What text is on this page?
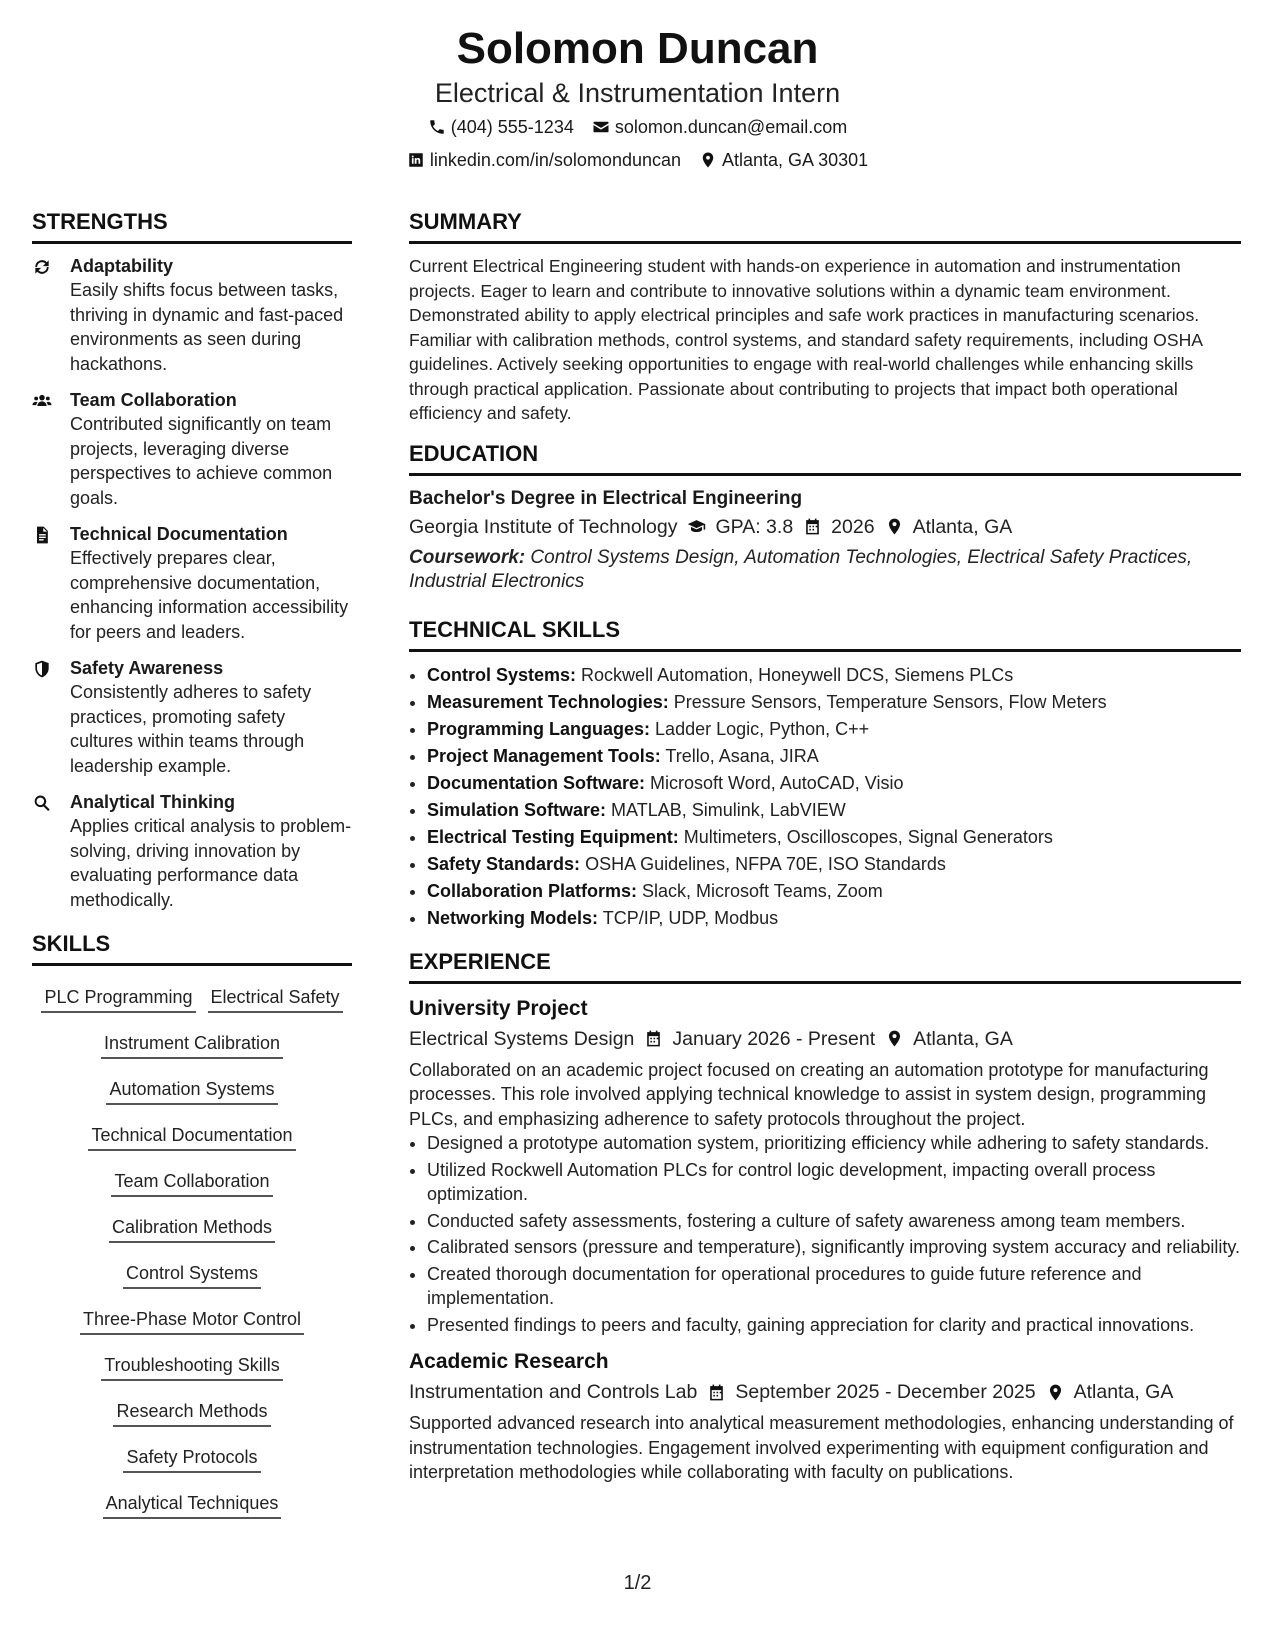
Solomon Duncan
Electrical & Instrumentation Intern
(404) 555-1234 solomon.duncan@email.com
linkedin.com/in/solomonduncan Atlanta, GA 30301
STRENGTHS
Adaptability
Easily shifts focus between tasks, thriving in dynamic and fast-paced environments as seen during hackathons.
Team Collaboration
Contributed significantly on team projects, leveraging diverse perspectives to achieve common goals.
Technical Documentation
Effectively prepares clear, comprehensive documentation, enhancing information accessibility for peers and leaders.
Safety Awareness
Consistently adheres to safety practices, promoting safety cultures within teams through leadership example.
Analytical Thinking
Applies critical analysis to problem-solving, driving innovation by evaluating performance data methodically.
SKILLS
PLC Programming Electrical Safety
Instrument Calibration
Automation Systems
Technical Documentation
Team Collaboration
Calibration Methods
Control Systems
Three-Phase Motor Control
Troubleshooting Skills
Research Methods
Safety Protocols
Analytical Techniques
SUMMARY
Current Electrical Engineering student with hands-on experience in automation and instrumentation projects. Eager to learn and contribute to innovative solutions within a dynamic team environment. Demonstrated ability to apply electrical principles and safe work practices in manufacturing scenarios. Familiar with calibration methods, control systems, and standard safety requirements, including OSHA guidelines. Actively seeking opportunities to engage with real-world challenges while enhancing skills through practical application. Passionate about contributing to projects that impact both operational efficiency and safety.
EDUCATION
Bachelor's Degree in Electrical Engineering
Georgia Institute of Technology GPA: 3.8 2026 Atlanta, GA
Coursework: Control Systems Design, Automation Technologies, Electrical Safety Practices, Industrial Electronics
TECHNICAL SKILLS
• Control Systems: Rockwell Automation, Honeywell DCS, Siemens PLCs
• Measurement Technologies: Pressure Sensors, Temperature Sensors, Flow Meters
• Programming Languages: Ladder Logic, Python, C++
• Project Management Tools: Trello, Asana, JIRA
• Documentation Software: Microsoft Word, AutoCAD, Visio
• Simulation Software: MATLAB, Simulink, LabVIEW
• Electrical Testing Equipment: Multimeters, Oscilloscopes, Signal Generators
• Safety Standards: OSHA Guidelines, NFPA 70E, ISO Standards
• Collaboration Platforms: Slack, Microsoft Teams, Zoom
• Networking Models: TCP/IP, UDP, Modbus
EXPERIENCE
University Project
Electrical Systems Design January 2026 - Present Atlanta, GA
Collaborated on an academic project focused on creating an automation prototype for manufacturing processes. This role involved applying technical knowledge to assist in system design, programming PLCs, and emphasizing adherence to safety protocols throughout the project.
• Designed a prototype automation system, prioritizing efficiency while adhering to safety standards.
• Utilized Rockwell Automation PLCs for control logic development, impacting overall process optimization.
• Conducted safety assessments, fostering a culture of safety awareness among team members.
• Calibrated sensors (pressure and temperature), significantly improving system accuracy and reliability.
• Created thorough documentation for operational procedures to guide future reference and implementation.
• Presented findings to peers and faculty, gaining appreciation for clarity and practical innovations.
Academic Research
Instrumentation and Controls Lab September 2025 - December 2025 Atlanta, GA
Supported advanced research into analytical measurement methodologies, enhancing understanding of instrumentation technologies. Engagement involved experimenting with equipment configuration and interpretation methodologies while collaborating with faculty on publications.
1/2
